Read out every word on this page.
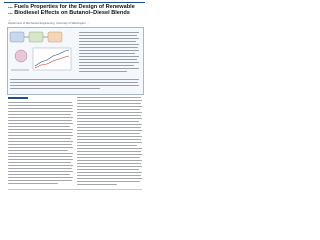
... Fuels Properties for the Design of Renewable
... Biodiesel Effects on Butanol–Diesel Blends
...
Department of Mechanical Engineering, University of Washington, ...
